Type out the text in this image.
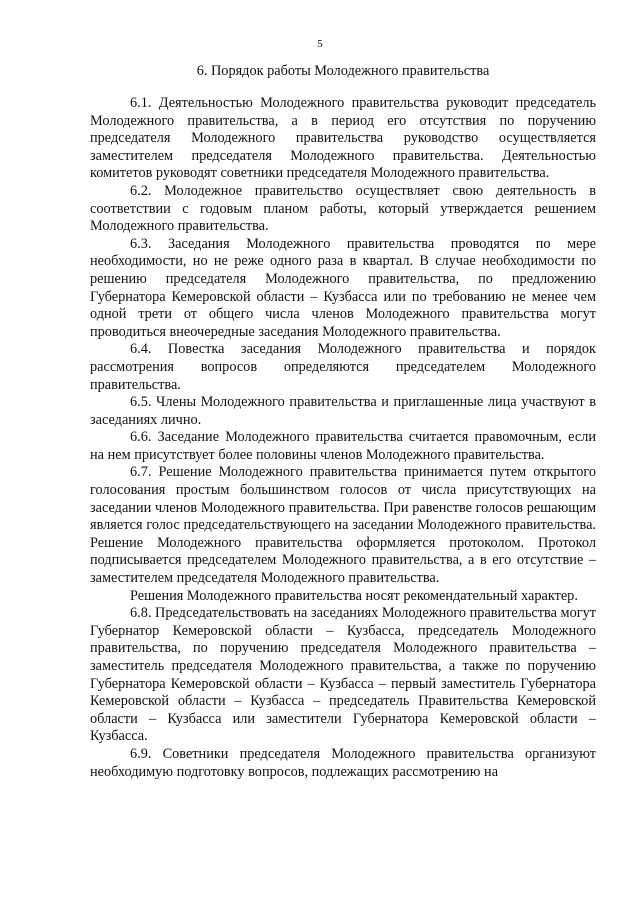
5
6. Порядок работы Молодежного правительства

6.1. Деятельностью Молодежного правительства руководит председатель Молодежного правительства, а в период его отсутствия по поручению председателя Молодежного правительства руководство осуществляется заместителем председателя Молодежного правительства. Деятельностью комитетов руководят советники председателя Молодежного правительства.

6.2. Молодежное правительство осуществляет свою деятельность в соответствии с годовым планом работы, который утверждается решением Молодежного правительства.

6.3. Заседания Молодежного правительства проводятся по мере необходимости, но не реже одного раза в квартал. В случае необходимости по решению председателя Молодежного правительства, по предложению Губернатора Кемеровской области – Кузбасса или по требованию не менее чем одной трети от общего числа членов Молодежного правительства могут проводиться внеочередные заседания Молодежного правительства.

6.4. Повестка заседания Молодежного правительства и порядок рассмотрения вопросов определяются председателем Молодежного правительства.

6.5. Члены Молодежного правительства и приглашенные лица участвуют в заседаниях лично.

6.6. Заседание Молодежного правительства считается правомочным, если на нем присутствует более половины членов Молодежного правительства.

6.7. Решение Молодежного правительства принимается путем открытого голосования простым большинством голосов от числа присутствующих на заседании членов Молодежного правительства. При равенстве голосов решающим является голос председательствующего на заседании Молодежного правительства. Решение Молодежного правительства оформляется протоколом. Протокол подписывается председателем Молодежного правительства, а в его отсутствие – заместителем председателя Молодежного правительства.

Решения Молодежного правительства носят рекомендательный характер.

6.8. Председательствовать на заседаниях Молодежного правительства могут Губернатор Кемеровской области – Кузбасса, председатель Молодежного правительства, по поручению председателя Молодежного правительства – заместитель председателя Молодежного правительства, а также по поручению Губернатора Кемеровской области – Кузбасса – первый заместитель Губернатора Кемеровской области – Кузбасса – председатель Правительства Кемеровской области – Кузбасса или заместители Губернатора Кемеровской области – Кузбасса.

6.9. Советники председателя Молодежного правительства организуют необходимую подготовку вопросов, подлежащих рассмотрению на
